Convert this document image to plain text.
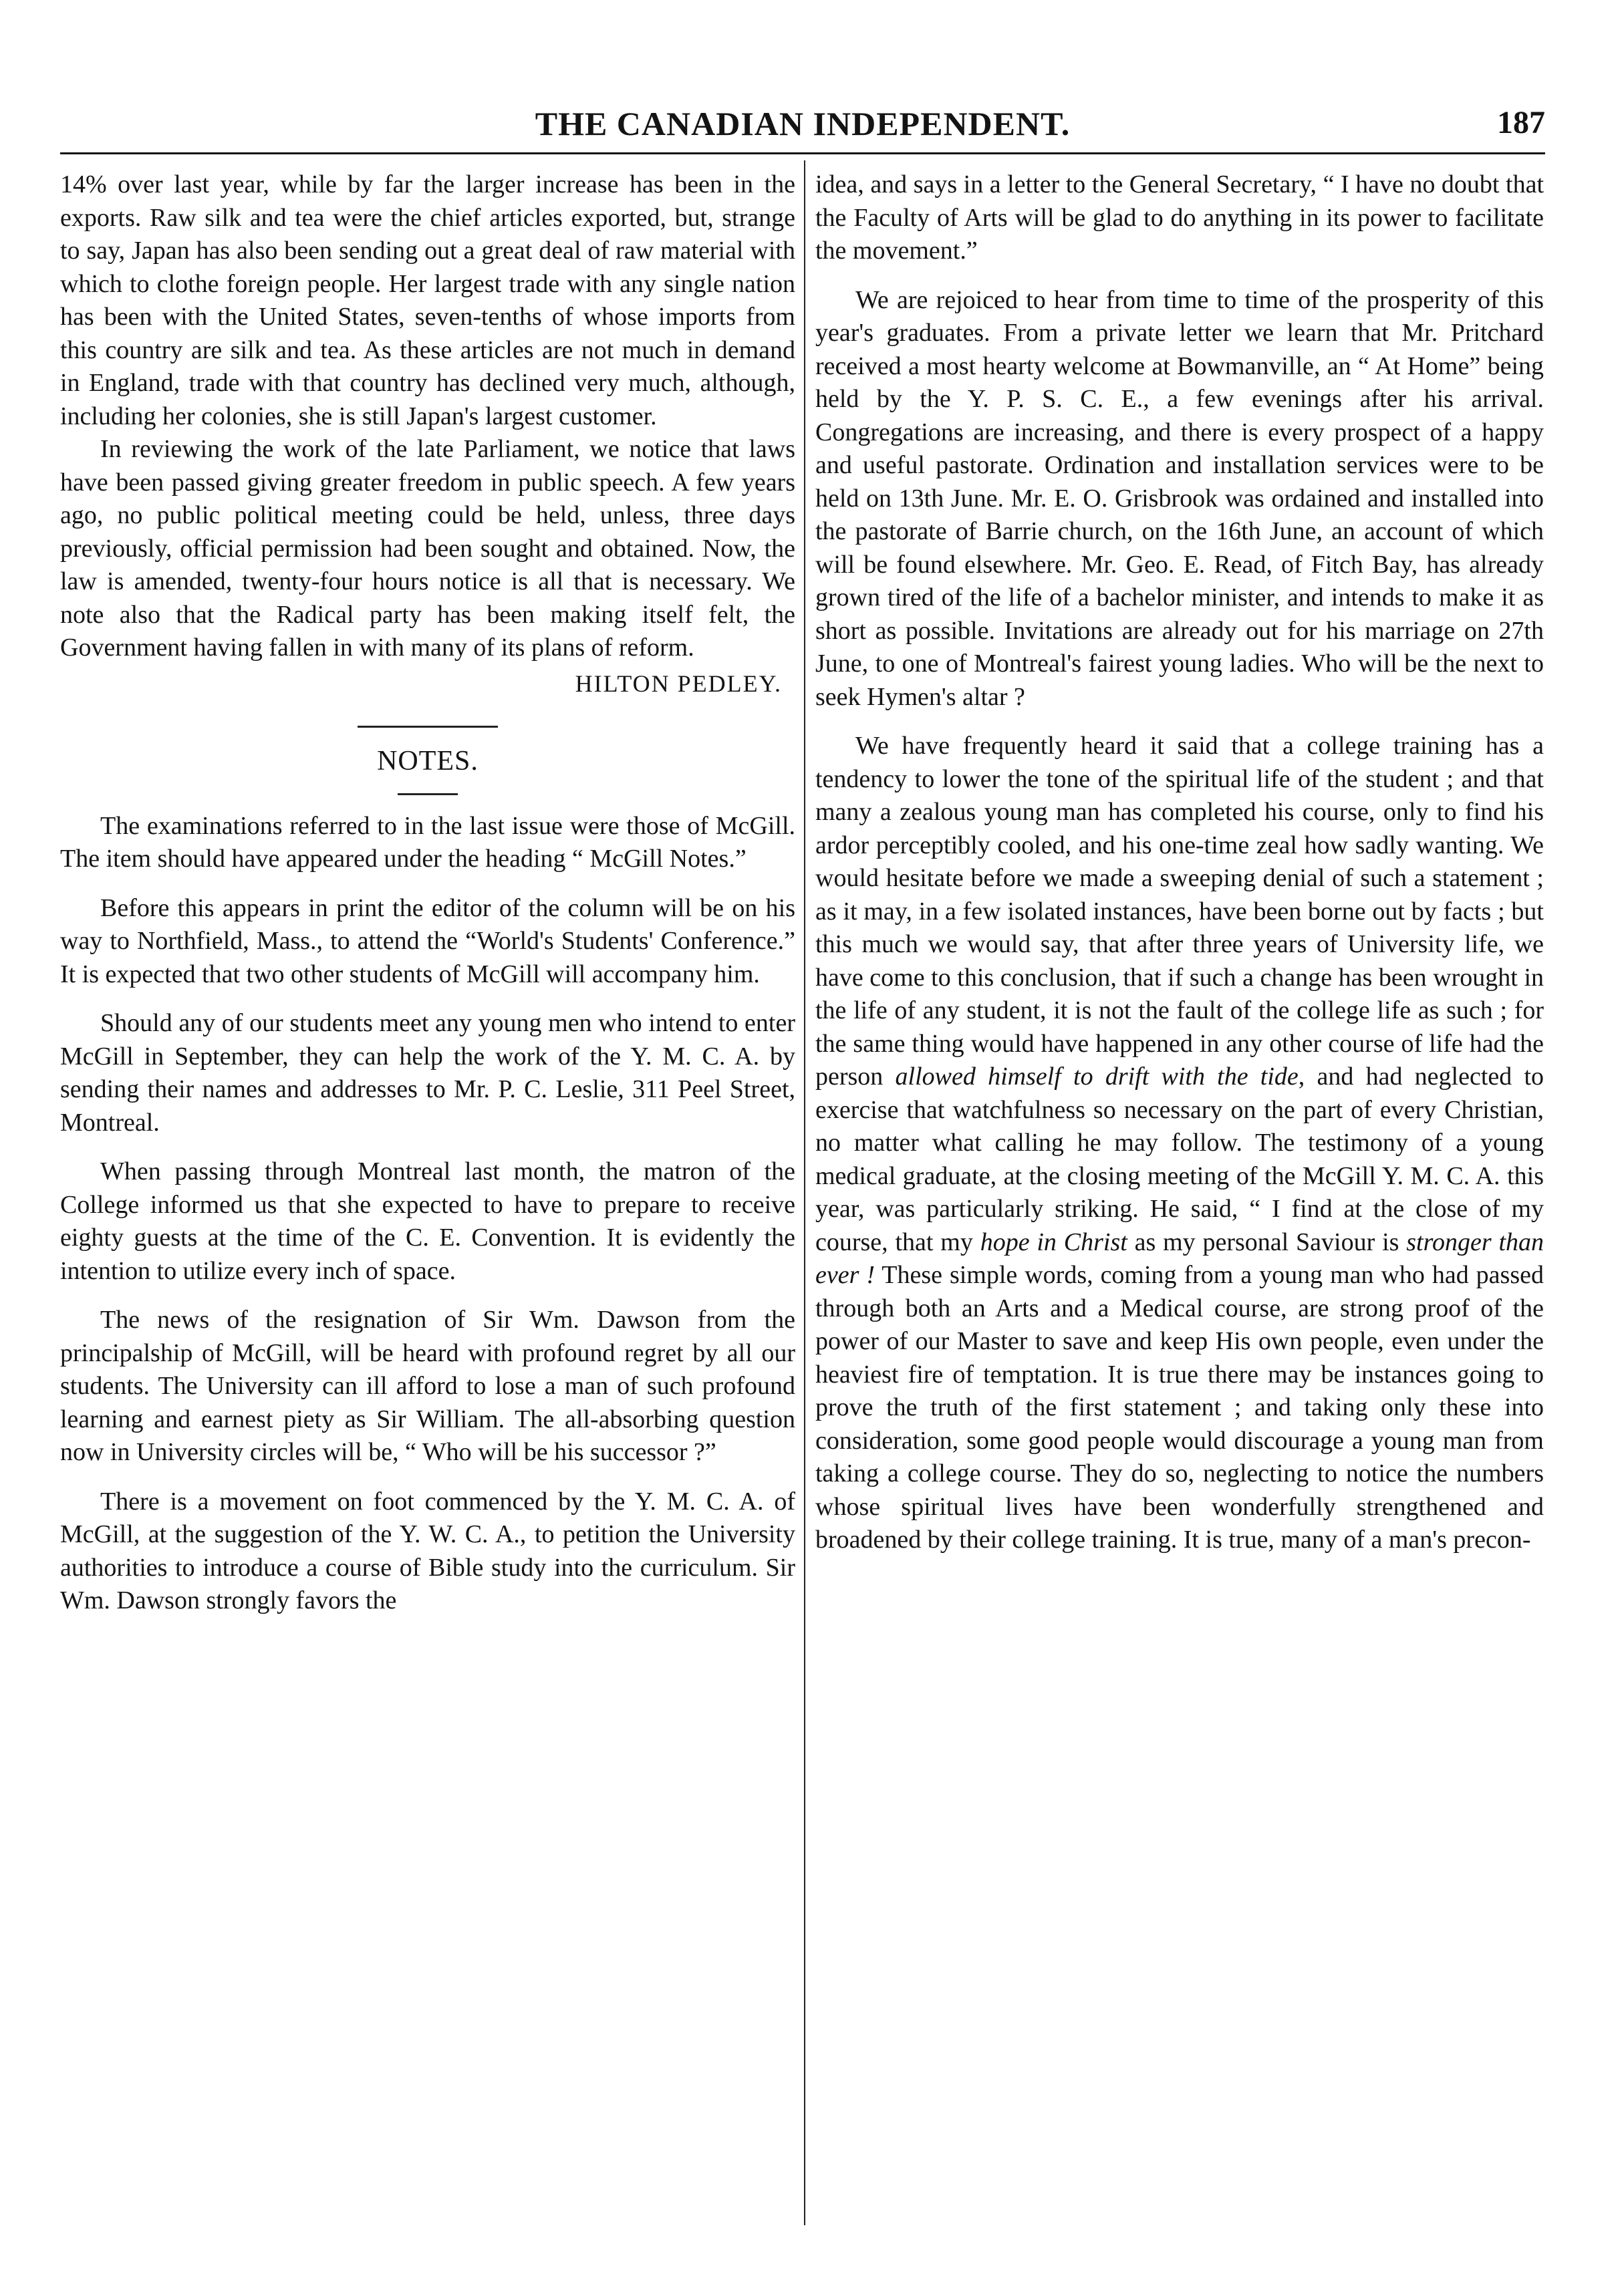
THE CANADIAN INDEPENDENT.	187

14% over last year, while by far the larger increase has been in the exports. Raw silk and tea were the chief articles exported, but, strange to say, Japan has also been sending out a great deal of raw material with which to clothe foreign people. Her largest trade with any single nation has been with the United States, seven-tenths of whose imports from this country are silk and tea. As these articles are not much in demand in England, trade with that country has declined very much, although, including her colonies, she is still Japan's largest customer.

In reviewing the work of the late Parliament, we notice that laws have been passed giving greater freedom in public speech. A few years ago, no public political meeting could be held, unless, three days previously, official permission had been sought and obtained. Now, the law is amended, twenty-four hours notice is all that is necessary. We note also that the Radical party has been making itself felt, the Government having fallen in with many of its plans of reform.

HILTON PEDLEY.
NOTES.

The examinations referred to in the last issue were those of McGill. The item should have appeared under the heading “ McGill Notes.”

Before this appears in print the editor of the column will be on his way to Northfield, Mass., to attend the “World's Students' Conference.” It is expected that two other students of McGill will accompany him.

Should any of our students meet any young men who intend to enter McGill in September, they can help the work of the Y. M. C. A. by sending their names and addresses to Mr. P. C. Leslie, 311 Peel Street, Montreal.

When passing through Montreal last month, the matron of the College informed us that she expected to have to prepare to receive eighty guests at the time of the C. E. Convention. It is evidently the intention to utilize every inch of space.

The news of the resignation of Sir Wm. Dawson from the principalship of McGill, will be heard with profound regret by all our students. The University can ill afford to lose a man of such profound learning and earnest piety as Sir William. The all-absorbing question now in University circles will be, “ Who will be his successor ?”

There is a movement on foot commenced by the Y. M. C. A. of McGill, at the suggestion of the Y. W. C. A., to petition the University authorities to introduce a course of Bible study into the curriculum. Sir Wm. Dawson strongly favors the

idea, and says in a letter to the General Secretary, “ I have no doubt that the Faculty of Arts will be glad to do anything in its power to facilitate the movement.”

We are rejoiced to hear from time to time of the prosperity of this year's graduates. From a private letter we learn that Mr. Pritchard received a most hearty welcome at Bowmanville, an “ At Home” being held by the Y. P. S. C. E., a few evenings after his arrival. Congregations are increasing, and there is every prospect of a happy and useful pastorate. Ordination and installation services were to be held on 13th June. Mr. E. O. Grisbrook was ordained and installed into the pastorate of Barrie church, on the 16th June, an account of which will be found elsewhere. Mr. Geo. E. Read, of Fitch Bay, has already grown tired of the life of a bachelor minister, and intends to make it as short as possible. Invitations are already out for his marriage on 27th June, to one of Montreal's fairest young ladies. Who will be the next to seek Hymen's altar ?

We have frequently heard it said that a college training has a tendency to lower the tone of the spiritual life of the student ; and that many a zealous young man has completed his course, only to find his ardor perceptibly cooled, and his one-time zeal how sadly wanting. We would hesitate before we made a sweeping denial of such a statement ; as it may, in a few isolated instances, have been borne out by facts ; but this much we would say, that after three years of University life, we have come to this conclusion, that if such a change has been wrought in the life of any student, it is not the fault of the college life as such ; for the same thing would have happened in any other course of life had the person allowed himself to drift with the tide, and had neglected to exercise that watchfulness so necessary on the part of every Christian, no matter what calling he may follow. The testimony of a young medical graduate, at the closing meeting of the McGill Y. M. C. A. this year, was particularly striking. He said, “ I find at the close of my course, that my hope in Christ as my personal Saviour is stronger than ever ! These simple words, coming from a young man who had passed through both an Arts and a Medical course, are strong proof of the power of our Master to save and keep His own people, even under the heaviest fire of temptation. It is true there may be instances going to prove the truth of the first statement ; and taking only these into consideration, some good people would discourage a young man from taking a college course. They do so, neglecting to notice the numbers whose spiritual lives have been wonderfully strengthened and broadened by their college training. It is true, many of a man's precon-
